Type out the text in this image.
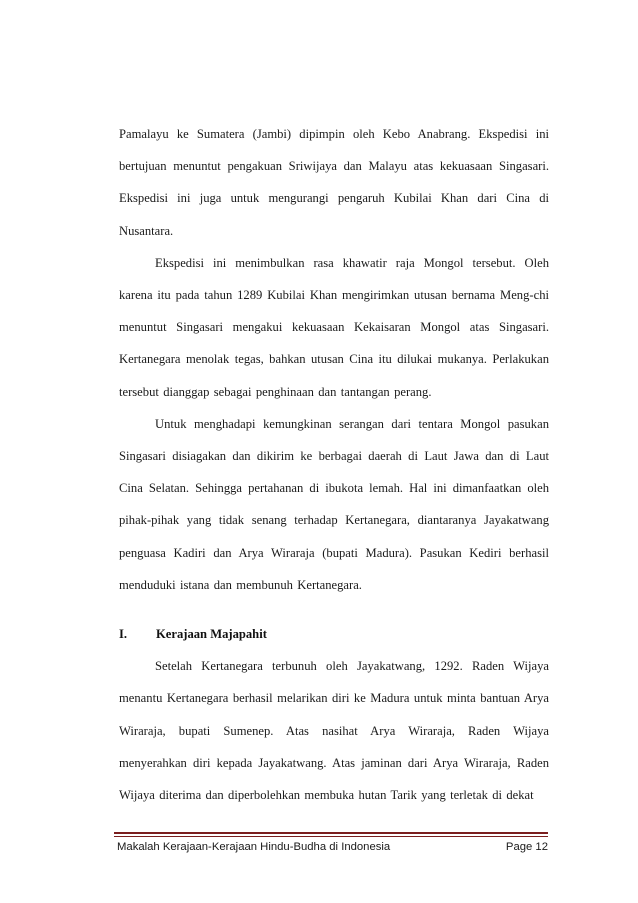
Pamalayu ke Sumatera (Jambi) dipimpin oleh Kebo Anabrang. Ekspedisi ini bertujuan menuntut pengakuan Sriwijaya dan Malayu atas kekuasaan Singasari. Ekspedisi ini juga untuk mengurangi pengaruh Kubilai Khan dari Cina di Nusantara.

Ekspedisi ini menimbulkan rasa khawatir raja Mongol tersebut. Oleh karena itu pada tahun 1289 Kubilai Khan mengirimkan utusan bernama Meng-chi menuntut Singasari mengakui kekuasaan Kekaisaran Mongol atas Singasari. Kertanegara menolak tegas, bahkan utusan Cina itu dilukai mukanya. Perlakukan tersebut dianggap sebagai penghinaan dan tantangan perang.

Untuk menghadapi kemungkinan serangan dari tentara Mongol pasukan Singasari disiagakan dan dikirim ke berbagai daerah di Laut Jawa dan di Laut Cina Selatan. Sehingga pertahanan di ibukota lemah. Hal ini dimanfaatkan oleh pihak-pihak yang tidak senang terhadap Kertanegara, diantaranya Jayakatwang penguasa Kadiri dan Arya Wiraraja (bupati Madura). Pasukan Kediri berhasil menduduki istana dan membunuh Kertanegara.

I.	Kerajaan Majapahit

Setelah Kertanegara terbunuh oleh Jayakatwang, 1292. Raden Wijaya menantu Kertanegara berhasil melarikan diri ke Madura untuk minta bantuan Arya Wiraraja, bupati Sumenep. Atas nasihat Arya Wiraraja, Raden Wijaya menyerahkan diri kepada Jayakatwang. Atas jaminan dari Arya Wiraraja, Raden Wijaya diterima dan diperbolehkan membuka hutan Tarik yang terletak di dekat

Makalah Kerajaan-Kerajaan Hindu-Budha di Indonesia	Page 12
